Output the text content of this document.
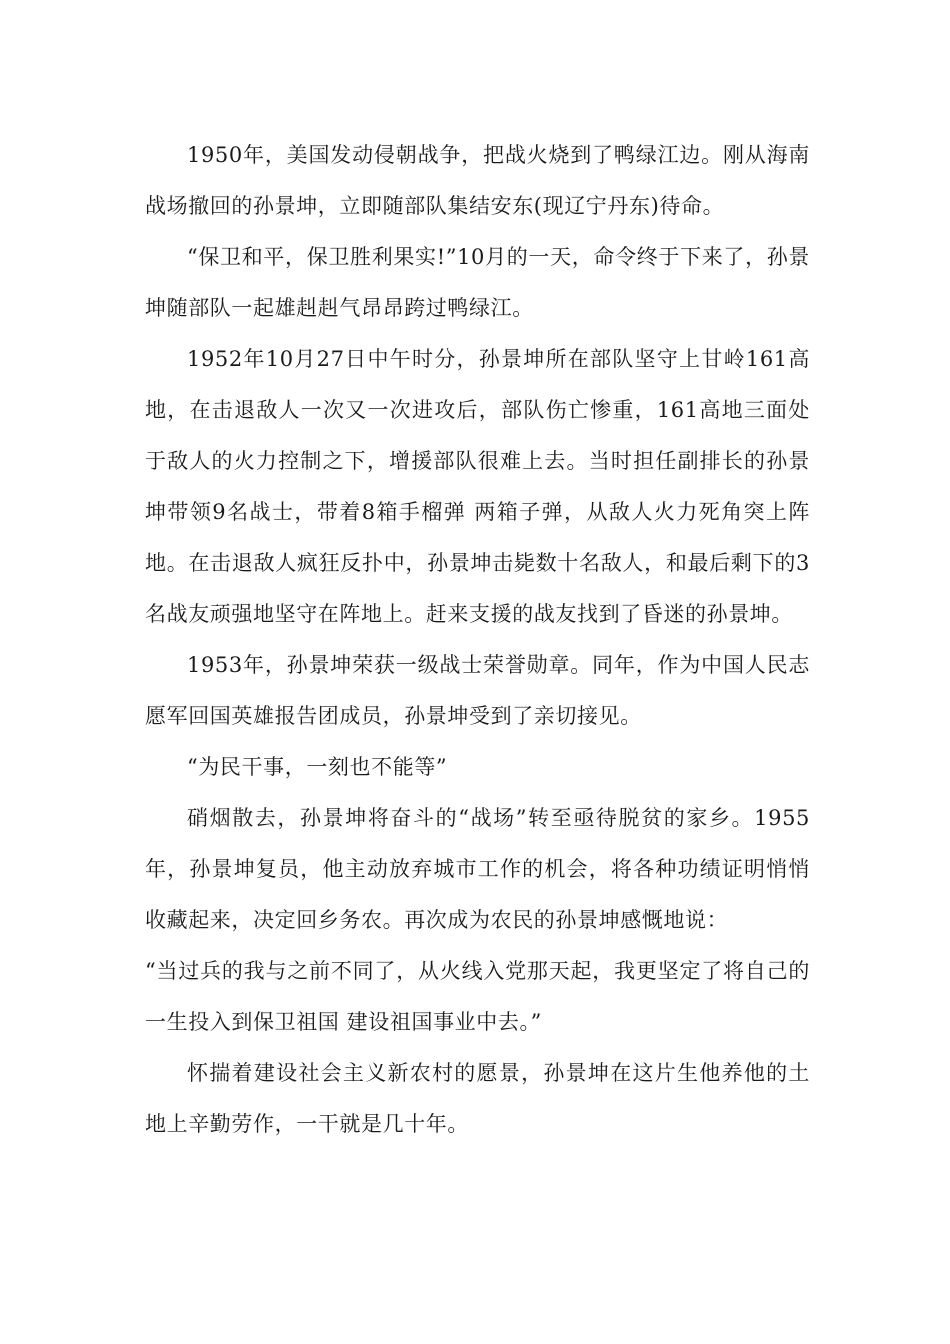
1950年，美国发动侵朝战争，把战火烧到了鸭绿江边。刚从海南战场撤回的孙景坤，立即随部队集结安东(现辽宁丹东)待命。

“保卫和平，保卫胜利果实!”10月的一天，命令终于下来了，孙景坤随部队一起雄赳赳气昂昂跨过鸭绿江。

1952年10月27日中午时分，孙景坤所在部队坚守上甘岭161高地，在击退敌人一次又一次进攻后，部队伤亡惨重，161高地三面处于敌人的火力控制之下，增援部队很难上去。当时担任副排长的孙景坤带领9名战士，带着8箱手榴弹 两箱子弹，从敌人火力死角突上阵地。在击退敌人疯狂反扑中，孙景坤击毙数十名敌人，和最后剩下的3名战友顽强地坚守在阵地上。赶来支援的战友找到了昏迷的孙景坤。

1953年，孙景坤荣获一级战士荣誉勋章。同年，作为中国人民志愿军回国英雄报告团成员，孙景坤受到了亲切接见。

“为民干事，一刻也不能等”

硝烟散去，孙景坤将奋斗的“战场”转至亟待脱贫的家乡。1955年，孙景坤复员，他主动放弃城市工作的机会，将各种功绩证明悄悄收藏起来，决定回乡务农。再次成为农民的孙景坤感慨地说：

“当过兵的我与之前不同了，从火线入党那天起，我更坚定了将自己的一生投入到保卫祖国 建设祖国事业中去。”

怀揣着建设社会主义新农村的愿景，孙景坤在这片生他养他的土地上辛勤劳作，一干就是几十年。
